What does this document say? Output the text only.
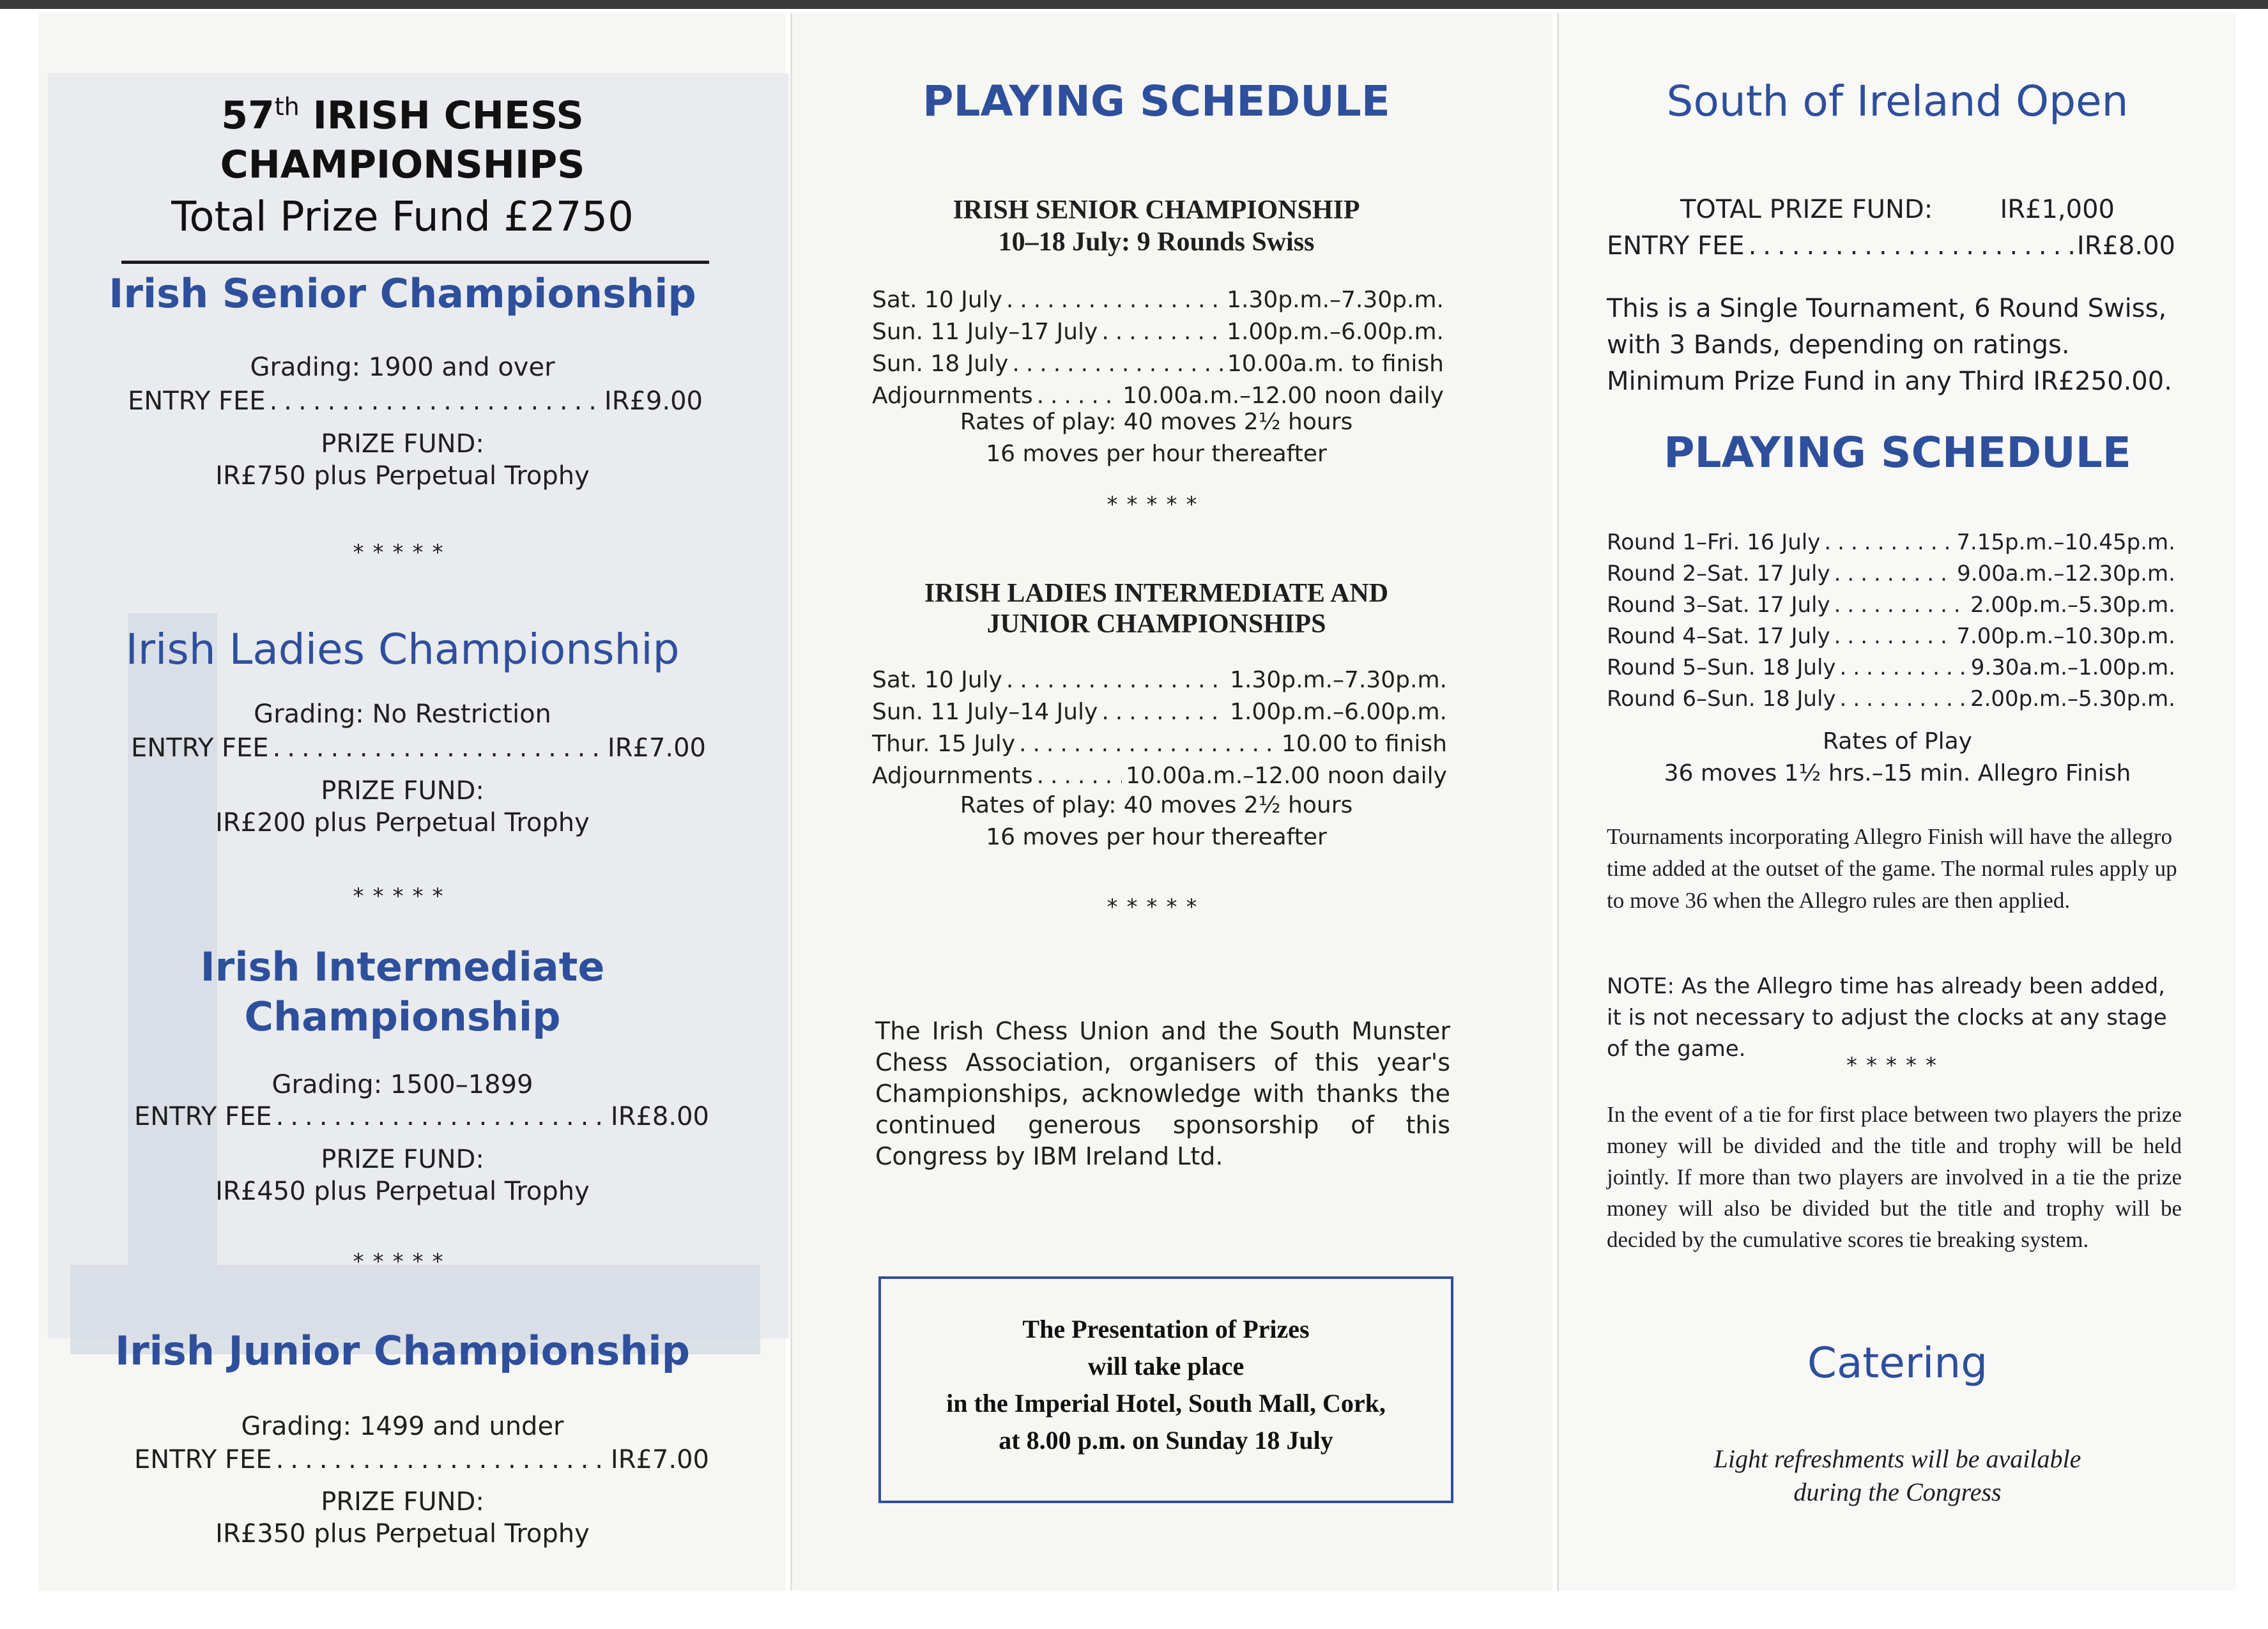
57th IRISH CHESS
CHAMPIONSHIPS
Total Prize Fund £2750
Irish Senior Championship
Grading: 1900 and over
ENTRY FEE .....	IR£9.00
PRIZE FUND:
IR£750 plus Perpetual Trophy
*****
Irish Ladies Championship
Grading: No Restriction
ENTRY FEE .....	IR£7.00
PRIZE FUND:
IR£200 plus Perpetual Trophy
*****
Irish Intermediate
Championship
Grading: 1500–1899
ENTRY FEE .....	IR£8.00
PRIZE FUND:
IR£450 plus Perpetual Trophy
*****
Irish Junior Championship
Grading: 1499 and under
ENTRY FEE .....	IR£7.00
PRIZE FUND:
IR£350 plus Perpetual Trophy
PLAYING SCHEDULE
IRISH SENIOR CHAMPIONSHIP
10–18 July: 9 Rounds Swiss
Sat. 10 July .....	1.30p.m.–7.30p.m.
Sun. 11 July–17 July .....	1.00p.m.–6.00p.m.
Sun. 18 July .....	10.00a.m. to finish
Adjournments .....	10.00a.m.–12.00 noon daily
Rates of play: 40 moves 2½ hours
16 moves per hour thereafter
*****
IRISH LADIES INTERMEDIATE AND
JUNIOR CHAMPIONSHIPS
Sat. 10 July .....	1.30p.m.–7.30p.m.
Sun. 11 July–14 July .....	1.00p.m.–6.00p.m.
Thur. 15 July .....	10.00 to finish
Adjournments .....	10.00a.m.–12.00 noon daily
Rates of play: 40 moves 2½ hours
16 moves per hour thereafter
*****
The Irish Chess Union and the South Munster Chess Association, organisers of this year's Championships, acknowledge with thanks the continued generous sponsorship of this Congress by IBM Ireland Ltd.
The Presentation of Prizes
will take place
in the Imperial Hotel, South Mall, Cork,
at 8.00 p.m. on Sunday 18 July
South of Ireland Open
TOTAL PRIZE FUND:	IR£1,000
ENTRY FEE .....	IR£8.00
This is a Single Tournament, 6 Round Swiss, with 3 Bands, depending on ratings. Minimum Prize Fund in any Third IR£250.00.
PLAYING SCHEDULE
Round 1–Fri. 16 July .....	7.15p.m.–10.45p.m.
Round 2–Sat. 17 July .....	9.00a.m.–12.30p.m.
Round 3–Sat. 17 July .....	2.00p.m.–5.30p.m.
Round 4–Sat. 17 July .....	7.00p.m.–10.30p.m.
Round 5–Sun. 18 July .....	9.30a.m.–1.00p.m.
Round 6–Sun. 18 July .....	2.00p.m.–5.30p.m.
Rates of Play
36 moves 1½ hrs.–15 min. Allegro Finish
Tournaments incorporating Allegro Finish will have the allegro time added at the outset of the game. The normal rules apply up to move 36 when the Allegro rules are then applied.
NOTE: As the Allegro time has already been added, it is not necessary to adjust the clocks at any stage of the game.
*****
In the event of a tie for first place between two players the prize money will be divided and the title and trophy will be held jointly. If more than two players are involved in a tie the prize money will also be divided but the title and trophy will be decided by the cumulative scores tie breaking system.
Catering
Light refreshments will be available
during the Congress
